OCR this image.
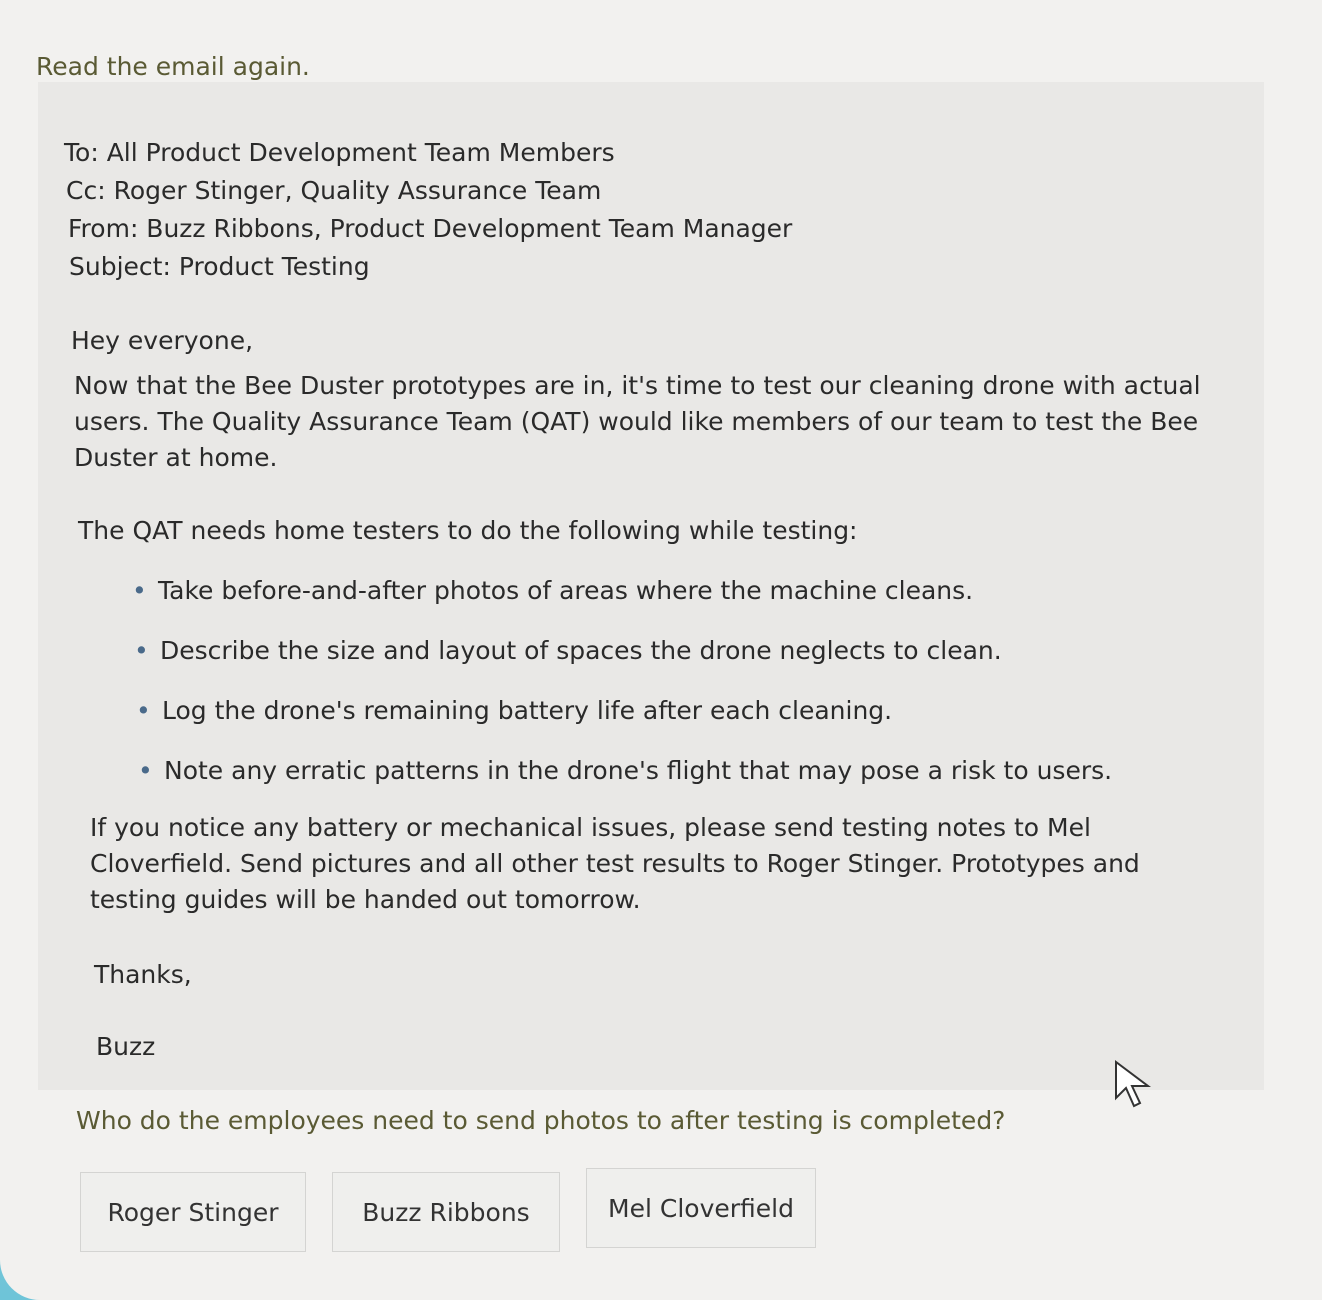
Read the email again.
To: All Product Development Team Members
Cc: Roger Stinger, Quality Assurance Team
From: Buzz Ribbons, Product Development Team Manager
Subject: Product Testing
Hey everyone,
Now that the Bee Duster prototypes are in, it's time to test our cleaning drone with actual users. The Quality Assurance Team (QAT) would like members of our team to test the Bee Duster at home.
The QAT needs home testers to do the following while testing:
• Take before-and-after photos of areas where the machine cleans.
• Describe the size and layout of spaces the drone neglects to clean.
• Log the drone's remaining battery life after each cleaning.
• Note any erratic patterns in the drone's flight that may pose a risk to users.
If you notice any battery or mechanical issues, please send testing notes to Mel Cloverfield. Send pictures and all other test results to Roger Stinger. Prototypes and testing guides will be handed out tomorrow.
Thanks,
Buzz
Who do the employees need to send photos to after testing is completed?
Roger Stinger	Buzz Ribbons	Mel Cloverfield
